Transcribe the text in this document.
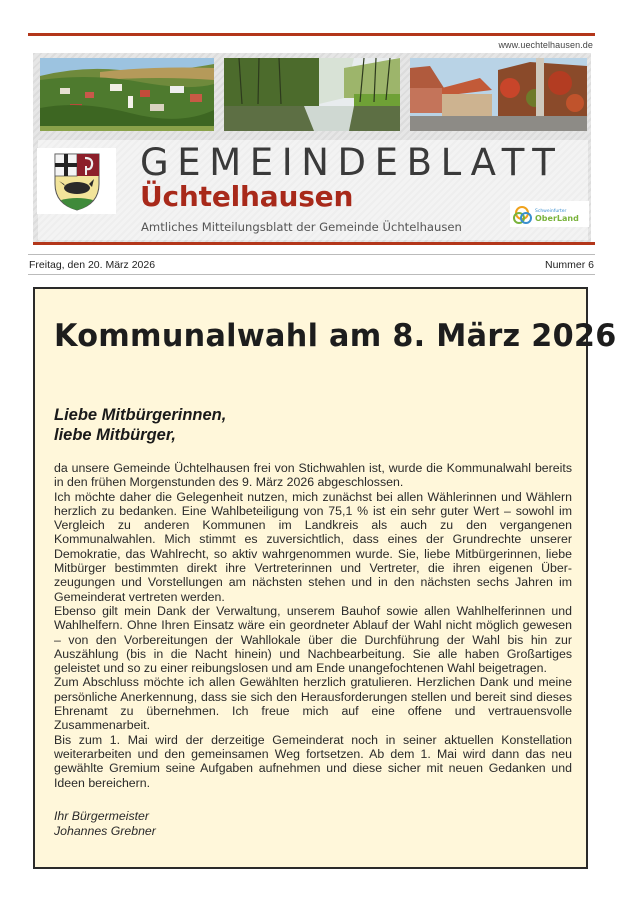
www.uechtelhausen.de
GEMEINDEBLATT
Üchtelhausen
Amtliches Mitteilungsblatt der Gemeinde Üchtelhausen
Schweinfurter
OberLand
Freitag, den 20. März 2026	Nummer 6
Kommunalwahl am 8. März 2026
Liebe Mitbürgerinnen,
liebe Mitbürger,

da unsere Gemeinde Üchtelhausen frei von Stichwahlen ist, wurde die Kommunalwahl bereits in den frühen Morgenstunden des 9. März 2026 abgeschlossen.

Ich möchte daher die Gelegenheit nutzen, mich zunächst bei allen Wählerinnen und Wählern herzlich zu bedanken. Eine Wahlbeteiligung von 75,1 % ist ein sehr guter Wert – sowohl im Vergleich zu anderen Kommunen im Landkreis als auch zu den vergangenen Kommunalwahlen. Mich stimmt es zuversichtlich, dass eines der Grundrechte unserer Demokratie, das Wahlrecht, so aktiv wahrgenommen wurde. Sie, liebe Mitbürgerinnen, liebe Mitbürger bestimmten direkt ihre Vertreterinnen und Vertreter, die ihren eigenen Überzeugungen und Vorstellungen am nächsten stehen und in den nächsten sechs Jahren im Gemeinderat vertreten werden.

Ebenso gilt mein Dank der Verwaltung, unserem Bauhof sowie allen Wahlhelferinnen und Wahlhelfern. Ohne Ihren Einsatz wäre ein geordneter Ablauf der Wahl nicht möglich gewesen – von den Vorbereitungen der Wahllokale über die Durchführung der Wahl bis hin zur Auszählung (bis in die Nacht hinein) und Nachbearbeitung. Sie alle haben Großartiges geleistet und so zu einer reibungslosen und am Ende unangefochtenen Wahl beigetragen.

Zum Abschluss möchte ich allen Gewählten herzlich gratulieren. Herzlichen Dank und meine persönliche Anerkennung, dass sie sich den Herausforderungen stellen und bereit sind dieses Ehrenamt zu übernehmen. Ich freue mich auf eine offene und vertrauensvolle Zusammenarbeit.

Bis zum 1. Mai wird der derzeitige Gemeinderat noch in seiner aktuellen Konstellation weiterarbeiten und den gemeinsamen Weg fortsetzen. Ab dem 1. Mai wird dann das neu gewählte Gremium seine Aufgaben aufnehmen und diese sicher mit neuen Gedanken und Ideen bereichern.

Ihr Bürgermeister
Johannes Grebner
